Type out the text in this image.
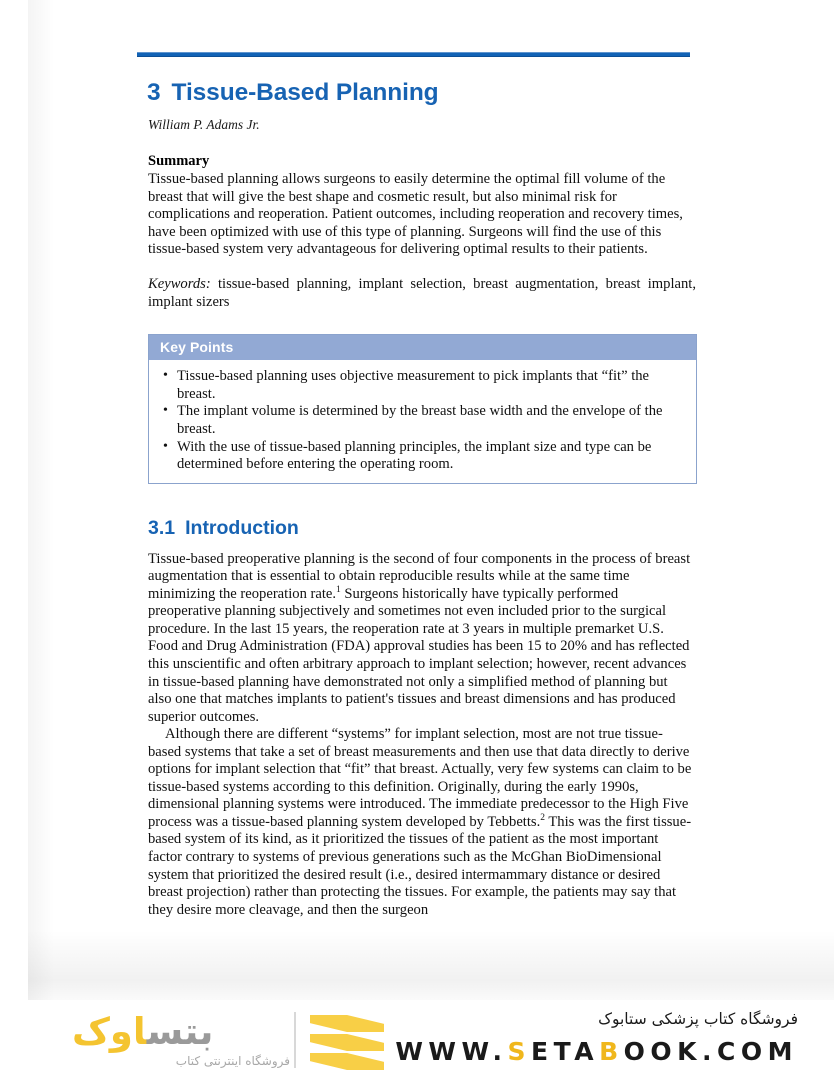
3 Tissue-Based Planning
William P. Adams Jr.
Summary

Tissue-based planning allows surgeons to easily determine the optimal fill volume of the breast that will give the best shape and cosmetic result, but also minimal risk for complications and reoperation. Patient outcomes, including reoperation and recovery times, have been optimized with use of this type of planning. Surgeons will find the use of this tissue-based system very advantageous for delivering optimal results to their patients.

Keywords: tissue-based planning, implant selection, breast augmentation, breast implant, implant sizers

Key Points
• Tissue-based planning uses objective measurement to pick implants that “fit” the breast.
• The implant volume is determined by the breast base width and the envelope of the breast.
• With the use of tissue-based planning principles, the implant size and type can be determined before entering the operating room.
3.1 Introduction

Tissue-based preoperative planning is the second of four components in the process of breast augmentation that is essential to obtain reproducible results while at the same time minimizing the reoperation rate.$^1$ Surgeons historically have typically performed preoperative planning subjectively and sometimes not even included prior to the surgical procedure. In the last 15 years, the reoperation rate at 3 years in multiple premarket U.S. Food and Drug Administration (FDA) approval studies has been 15 to 20% and has reflected this unscientific and often arbitrary approach to implant selection; however, recent advances in tissue-based planning have demonstrated not only a simplified method of planning but also one that matches implants to patient's tissues and breast dimensions and has produced superior outcomes.

Although there are different “systems” for implant selection, most are not true tissue-based systems that take a set of breast measurements and then use that data directly to derive options for implant selection that “fit” that breast. Actually, very few systems can claim to be tissue-based systems according to this definition. Originally, during the early 1990s, dimensional planning systems were introduced. The immediate predecessor to the High Five process was a tissue-based planning system developed by Tebbetts.$^2$ This was the first tissue-based system of its kind, as it prioritized the tissues of the patient as the most important factor contrary to systems of previous generations such as the McGhan BioDimensional system that prioritized the desired result (i.e., desired intermammary distance or desired breast projection) rather than protecting the tissues. For example, the patients may say that they desire more cleavage, and then the surgeon

بتساوک
فروشگاه اینترنتی کتاب
فروشگاه کتاب پزشکی ستابوک
WWW.SETABOOK.COM
